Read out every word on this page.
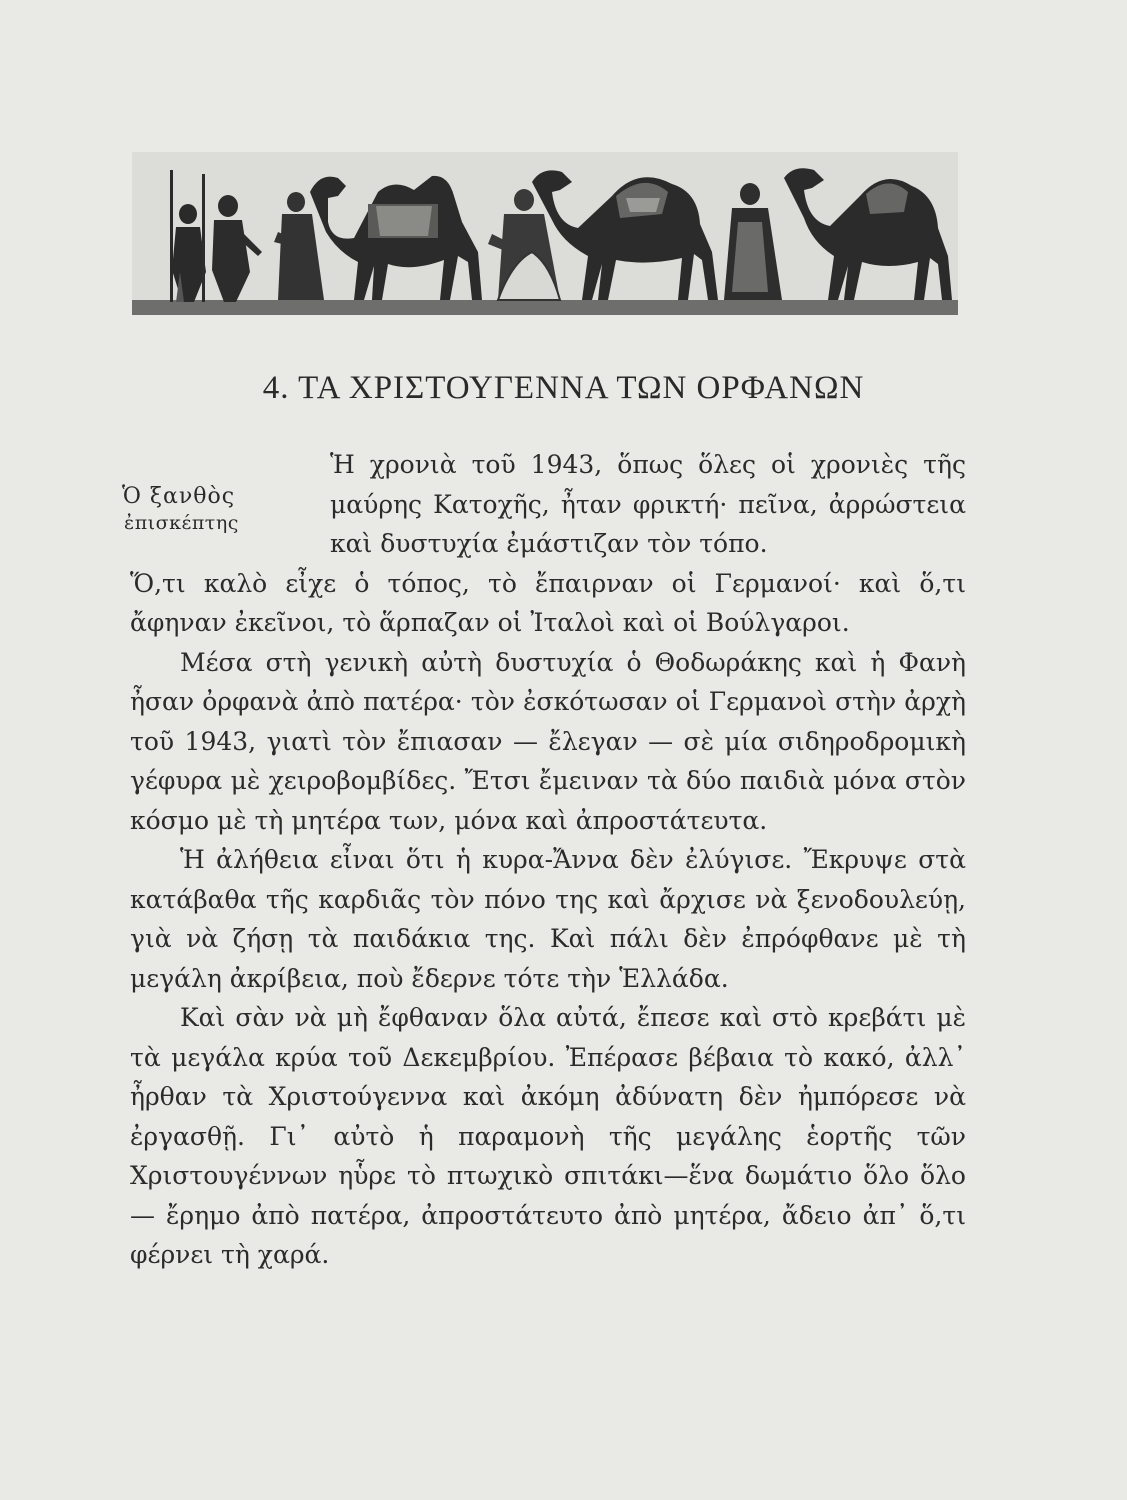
4. ΤΑ ΧΡΙΣΤΟΥΓΕΝΝΑ ΤΩΝ ΟΡΦΑΝΩΝ
Ὁ ξανθὸς
ἐπισκέπτης

Ἡ χρονιὰ τοῦ 1943, ὅπως ὅλες οἱ χρονιὲς τῆς μαύρης Κατοχῆς, ἦταν φρικτή· πεῖνα, ἀρρώστεια καὶ δυστυχία ἐμάστιζαν τὸν τόπο.
Ὅ,τι καλὸ εἶχε ὁ τόπος, τὸ ἔπαιρναν οἱ Γερμανοί· καὶ ὅ,τι ἄφηναν ἐκεῖνοι, τὸ ἅρπαζαν οἱ Ἰταλοὶ καὶ οἱ Βούλγαροι.

Μέσα στὴ γενικὴ αὐτὴ δυστυχία ὁ Θοδωράκης καὶ ἡ Φανὴ ἦσαν ὀρφανὰ ἀπὸ πατέρα· τὸν ἐσκότωσαν οἱ Γερμανοὶ στὴν ἀρχὴ τοῦ 1943, γιατὶ τὸν ἔπιασαν — ἔλεγαν — σὲ μία σιδηροδρομικὴ γέφυρα μὲ χειροβομβίδες. Ἔτσι ἔμειναν τὰ δύο παιδιὰ μόνα στὸν κόσμο μὲ τὴ μητέρα των, μόνα καὶ ἀπροστάτευτα.

Ἡ ἀλήθεια εἶναι ὅτι ἡ κυρα-Ἄννα δὲν ἐλύγισε. Ἔκρυψε στὰ κατάβαθα τῆς καρδιᾶς τὸν πόνο της καὶ ἄρχισε νὰ ξενοδουλεύῃ, γιὰ νὰ ζήσῃ τὰ παιδάκια της. Καὶ πάλι δὲν ἐπρόφθανε μὲ τὴ μεγάλη ἀκρίβεια, ποὺ ἔδερνε τότε τὴν Ἑλλάδα.

Καὶ σὰν νὰ μὴ ἔφθαναν ὅλα αὐτά, ἔπεσε καὶ στὸ κρεβάτι μὲ τὰ μεγάλα κρύα τοῦ Δεκεμβρίου. Ἐπέρασε βέβαια τὸ κακό, ἀλλ᾽ ἦρθαν τὰ Χριστούγεννα καὶ ἀκόμη ἀδύνατη δὲν ἠμπόρεσε νὰ ἐργασθῇ. Γι᾽ αὐτὸ ἡ παραμονὴ τῆς μεγάλης ἑορτῆς τῶν Χριστουγέννων ηὗρε τὸ πτωχικὸ σπιτάκι—ἕνα δωμάτιο ὅλο ὅλο — ἔρημο ἀπὸ πατέρα, ἀπροστάτευτο ἀπὸ μητέρα, ἄδειο ἀπ᾽ ὅ,τι φέρνει τὴ χαρά.
